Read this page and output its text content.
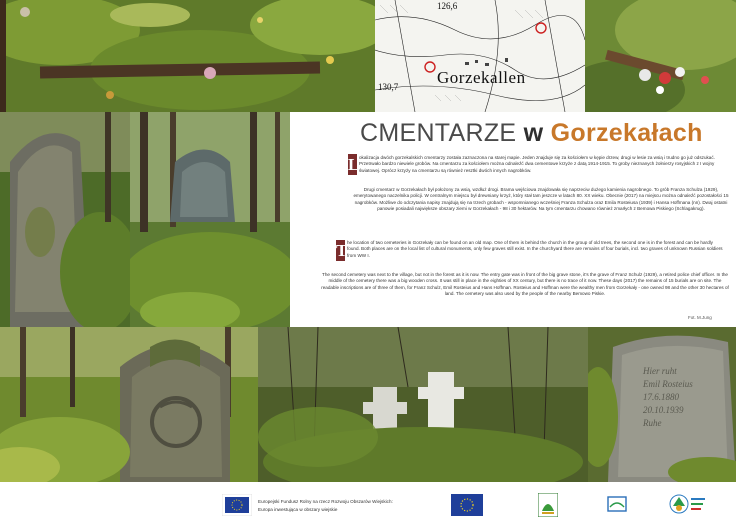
Gorzekallen
126,6
130,7
CMENTARZE w Gorzekałach
L okalizacja dwóch gorzekalskich cmentarzy została zaznaczona na starej mapie. Jeden znajduje się za kościołem w kępie drzew, drugi w lesie za wsią i trudno go już odszukać. Przetrwało bardzo niewiele grobów. Na cmentarzu za kościołem można odnaleźć dwa cementowe krzyże z datą 1914-1915. To groby nieznanych żołnierzy rosyjskich z I wojny światowej. Oprócz krzyży na cmentarzu są również resztki dwóch innych nagrobków.

Drugi cmentarz w Gorzekałach był położony za wsią, wzdłuż drogi. Brama wejściowa znajdowała się naprzeciw dużego kamienia nagrobnego. To grób Franza Schulza (1929), emerytowanego naczelnika policji. W centralnym miejscu był drewniany krzyż, który stał tam jeszcze w latach 80. XX wieku. Obecnie (2017) na miejscu można odnaleźć pozostałości 15 nagrobków. Możliwe do odczytania napisy znajdują się na trzech grobach - wspomnianego wcześniej Franza Schulza oraz Emila Rosteiusa (1939) i Hansa Hoffmana (nn). Dwaj ostatni panowie posiadali największe obszary ziemi w Gorzekałach - 98 i 30 hektarów. Na tym cmentarzu chowano również zmarłych z Bemowa Piskiego (Schlagakrug).

T he location of two cemeteries in Gorzekały can be found on an old map. One of them is behind the church in the group of old trees, the second one is in the forest and can be hardly found. Both places are on the local list of cultural monuments, only few graves still exist. In the churchyard there are remains of four burials, incl. two graves of unknown Russian soldiers from WW I.

The second cemetery was next to the village, but not in the forest as it is now. The entry gate was in front of the big grave stone, it's the grave of Franz Schulz (1929), a retired police chief officer. In the middle of the cemetery there was a big wooden cross. It was still in place in the eighties of XX century, but there is no trace of it now. These days (2017) the remains of 15 burials are on site. The readable inscriptions are of three of them, for Franz Schulz, Emil Rosteius and Hans Hoffman. Rosteius and Hoffman were the wealthy men from Gorzekały - one owned 98 and the other 30 hectares of land. The cemetery was also used by the people of the nearby Bemowo Piskie.

Fot. M.Jung
Hier ruht
Emil Rosteius
17.6.1880
20.10.1939
Ruhe
Europejski Fundusz Rolny na rzecz Rozwoju Obszarów Wiejskich:
Europa inwestująca w obszary wiejskie
